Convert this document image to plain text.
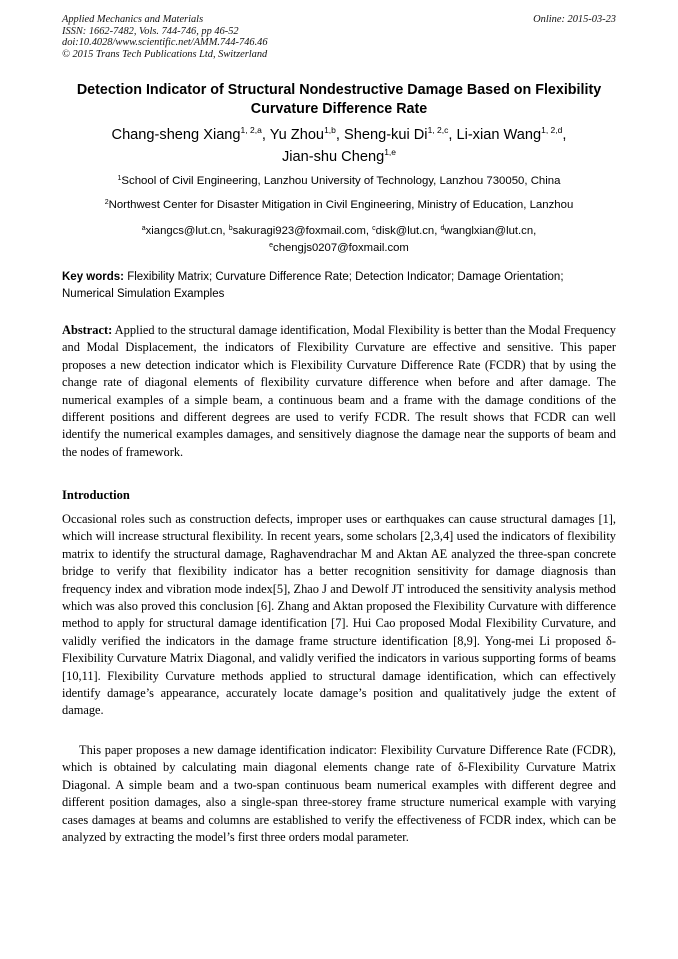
Applied Mechanics and Materials
ISSN: 1662-7482, Vols. 744-746, pp 46-52
doi:10.4028/www.scientific.net/AMM.744-746.46
© 2015 Trans Tech Publications Ltd, Switzerland
Online: 2015-03-23
Detection Indicator of Structural Nondestructive Damage Based on Flexibility Curvature Difference Rate
Chang-sheng Xiang$^{1, 2,a}$, Yu Zhou$^{1,b}$, Sheng-kui Di$^{1, 2,c}$, Li-xian Wang$^{1, 2,d}$,
Jian-shu Cheng$^{1,e}$
$^1$School of Civil Engineering, Lanzhou University of Technology, Lanzhou 730050, China
$^2$Northwest Center for Disaster Mitigation in Civil Engineering, Ministry of Education, Lanzhou
$^a$xiangcs@lut.cn, $^b$sakuragi923@foxmail.com, $^c$disk@lut.cn, $^d$wanglxian@lut.cn,
$^e$chengjs0207@foxmail.com
Key words: Flexibility Matrix; Curvature Difference Rate; Detection Indicator; Damage Orientation; Numerical Simulation Examples
Abstract: Applied to the structural damage identification, Modal Flexibility is better than the Modal Frequency and Modal Displacement, the indicators of Flexibility Curvature are effective and sensitive. This paper proposes a new detection indicator which is Flexibility Curvature Difference Rate (FCDR) that by using the change rate of diagonal elements of flexibility curvature difference when before and after damage. The numerical examples of a simple beam, a continuous beam and a frame with the damage conditions of the different positions and different degrees are used to verify FCDR. The result shows that FCDR can well identify the numerical examples damages, and sensitively diagnose the damage near the supports of beam and the nodes of framework.
Introduction
Occasional roles such as construction defects, improper uses or earthquakes can cause structural damages [1], which will increase structural flexibility. In recent years, some scholars [2,3,4] used the indicators of flexibility matrix to identify the structural damage, Raghavendrachar M and Aktan AE analyzed the three-span concrete bridge to verify that flexibility indicator has a better recognition sensitivity for damage diagnosis than frequency index and vibration mode index[5], Zhao J and Dewolf JT introduced the sensitivity analysis method which was also proved this conclusion [6]. Zhang and Aktan proposed the Flexibility Curvature with difference method to apply for structural damage identification [7]. Hui Cao proposed Modal Flexibility Curvature, and validly verified the indicators in the damage frame structure identification [8,9]. Yong-mei Li proposed δ-Flexibility Curvature Matrix Diagonal, and validly verified the indicators in various supporting forms of beams [10,11]. Flexibility Curvature methods applied to structural damage identification, which can effectively identify damage’s appearance, accurately locate damage’s position and qualitatively judge the extent of damage.
This paper proposes a new damage identification indicator: Flexibility Curvature Difference Rate (FCDR), which is obtained by calculating main diagonal elements change rate of δ-Flexibility Curvature Matrix Diagonal. A simple beam and a two-span continuous beam numerical examples with different degree and different position damages, also a single-span three-storey frame structure numerical example with varying cases damages at beams and columns are established to verify the effectiveness of FCDR index, which can be analyzed by extracting the model’s first three orders modal parameter.
